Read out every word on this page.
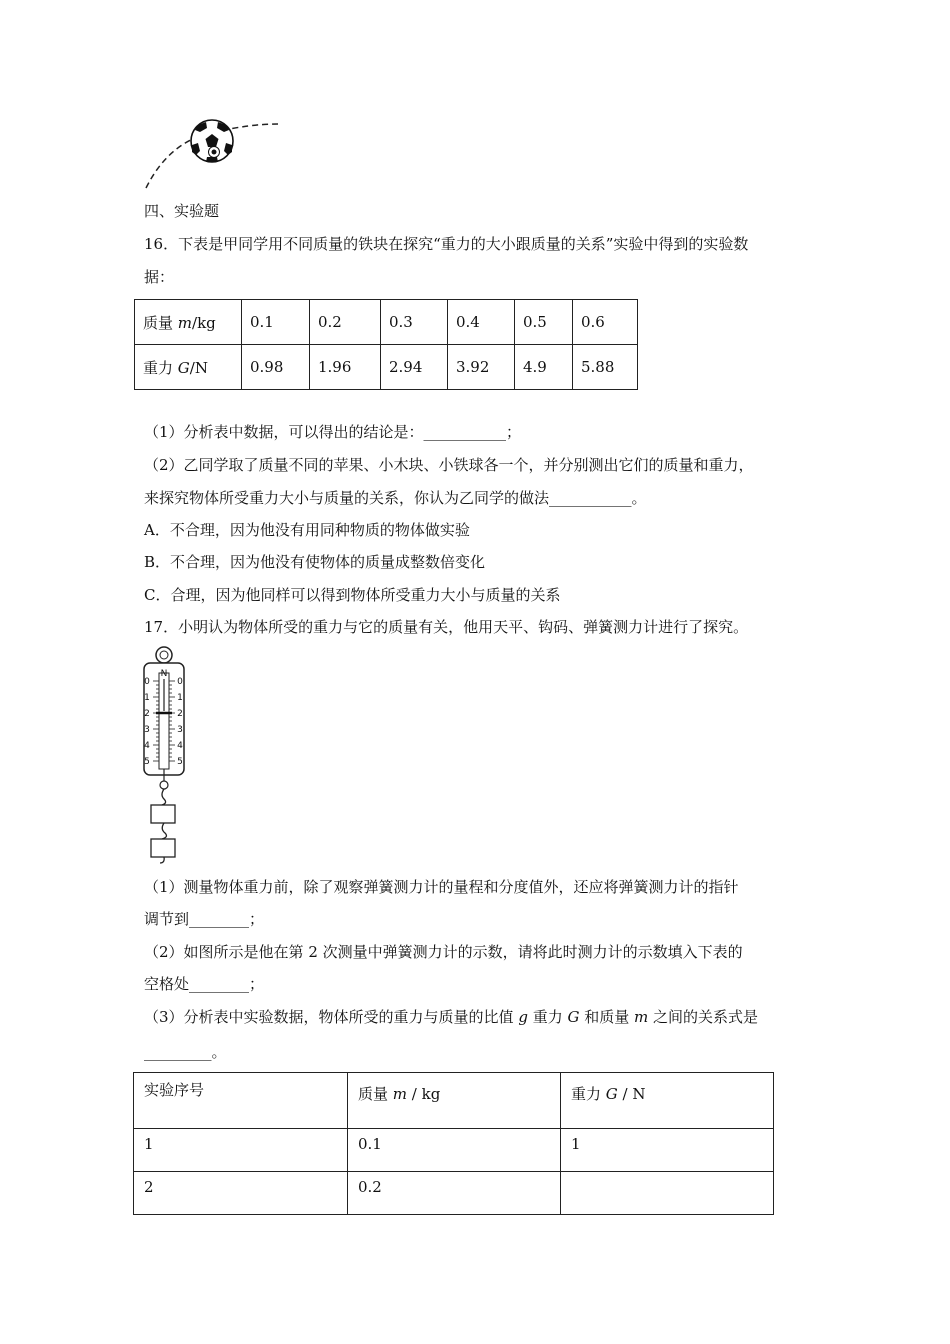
四、实验题
16．下表是甲同学用不同质量的铁块在探究“重力的大小跟质量的关系”实验中得到的实验数
据：
质量 m/kg	0.1	0.2	0.3	0.4	0.5	0.6
重力 G/N	0.98	1.96	2.94	3.92	4.9	5.88
（1）分析表中数据，可以得出的结论是：___________；
（2）乙同学取了质量不同的苹果、小木块、小铁球各一个，并分别测出它们的质量和重力，
来探究物体所受重力大小与质量的关系，你认为乙同学的做法___________。
A．不合理，因为他没有用同种物质的物体做实验
B．不合理，因为他没有使物体的质量成整数倍变化
C．合理，因为他同样可以得到物体所受重力大小与质量的关系
17．小明认为物体所受的重力与它的质量有关，他用天平、钩码、弹簧测力计进行了探究。
N
0
1
2
3
4
5
0
1
2
3
4
5
（1）测量物体重力前，除了观察弹簧测力计的量程和分度值外，还应将弹簧测力计的指针
调节到________；
（2）如图所示是他在第 2 次测量中弹簧测力计的示数，请将此时测力计的示数填入下表的
空格处________；
（3）分析表中实验数据，物体所受的重力与质量的比值 g 重力 G 和质量 m 之间的关系式是
_________。
实验序号	质量 m / kg	重力 G / N
1	0.1	1
2	0.2	
